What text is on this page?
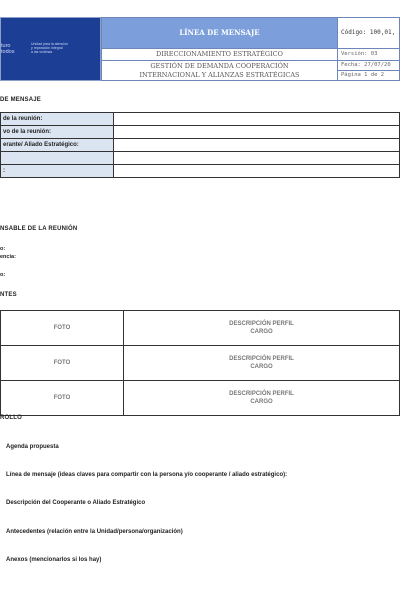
turo
todos
Unidad para la atención
y reparación integral
a las víctimas
LÍNEA DE MENSAJE	Código: 100,01,
DIRECCIONAMIENTO ESTRATÉGICO	Versión: 03
GESTIÓN DE DEMANDA COOPERACIÓN	Fecha: 27/07/20
INTERNACIONAL Y ALIANZAS ESTRATÉGICAS	Página 1 de 2
DE MENSAJE
de la reunión:	
vo de la reunión:	
erante/ Aliado Estratégico:	

:	
NSABLE DE LA REUNIÓN
o:
encia:
o:
NTES
FOTO	DESCRIPCIÓN PERFIL
CARGO
FOTO	DESCRIPCIÓN PERFIL
CARGO
FOTO	DESCRIPCIÓN PERFIL
CARGO
ROLLO
Agenda propuesta
Línea de mensaje (ideas claves para compartir con la persona y/o cooperante / aliado estratégico):
Descripción del Cooperante o Aliado Estratégico
Antecedentes (relación entre la Unidad/persona/organización)
Anexos (mencionarlos si los hay)
